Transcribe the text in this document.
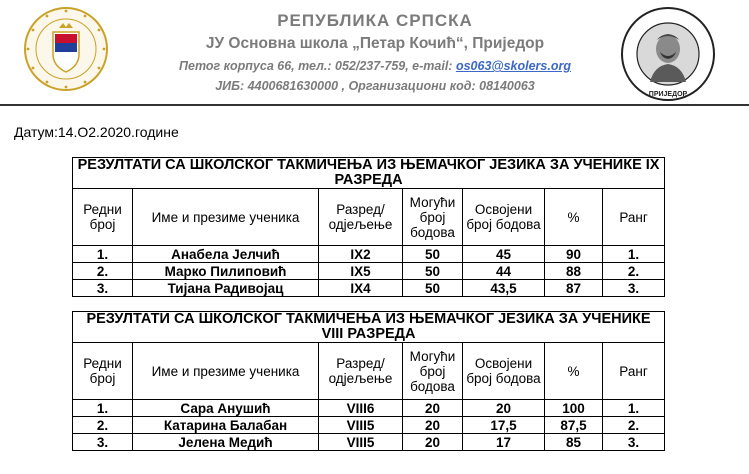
РЕПУБЛИКА СРПСКА
ЈУ Основна школа „Петар Кочић“, Приједор
Петог корпуса 66, тел.: 052/237-759, e-mail: os063@skolers.org
ЈИБ: 4400681630000 , Организациони код: 08140063
ПРИЈЕДОР
Датум:14.О2.2020.године
РЕЗУЛТАТИ СА ШКОЛСКОГ ТАКМИЧЕЊА ИЗ ЊЕМАЧКОГ ЈЕЗИКА ЗА УЧЕНИКЕ IX РАЗРЕДА						
Редни број	Име и презиме ученика	Разред/ одјељење	Могући број бодова	Освојени број бодова	%	Ранг
1.	Анабела Јелчић	IX2	50	45	90	1.
2.	Марко Пилиповић	IX5	50	44	88	2.
3.	Тијана Радивојац	IX4	50	43,5	87	3.
РЕЗУЛТАТИ СА ШКОЛСКОГ ТАКМИЧЕЊА ИЗ ЊЕМАЧКОГ ЈЕЗИКА ЗА УЧЕНИКЕ VIII РАЗРЕДА						
Редни број	Име и презиме ученика	Разред/ одјељење	Могући број бодова	Освојени број бодова	%	Ранг
1.	Сара Анушић	VIII6	20	20	100	1.
2.	Катарина Балабан	VIII5	20	17,5	87,5	2.
3.	Јелена Медић	VIII5	20	17	85	3.
